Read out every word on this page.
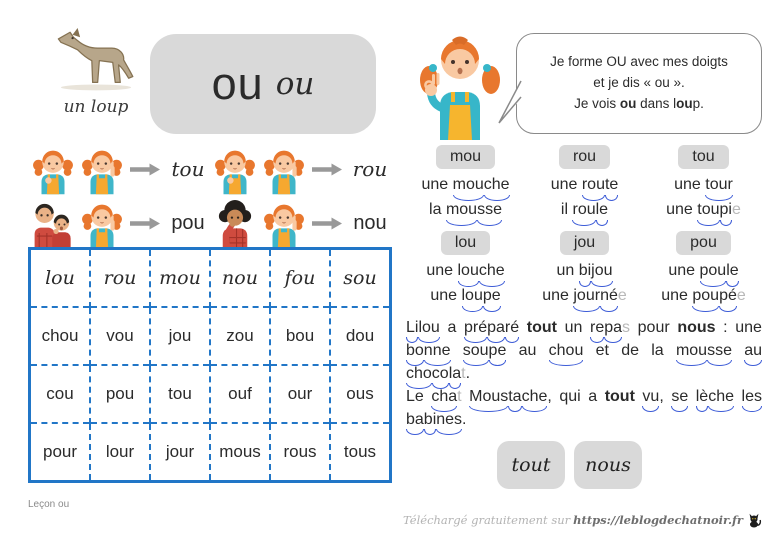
un loup	ou ou
tou	rou
pou	nou
lou	rou	mou	nou	fou	sou
chou	vou	jou	zou	bou	dou
cou	pou	tou	ouf	our	ous
pour	lour	jour	mous	rous	tous
Leçon ou
Je forme OU avec mes doigts
et je dis « ou ».
Je vois ou dans loup.
mou
une mouche
la mousse
rou
une route
il roule
tou
une tour
une toupie
lou
une louche
une loupe
jou
un bijou
une journée
pou
une poule
une poupée
Lilou a préparé tout un repas pour nous : une bonne soupe au chou et de la mousse au chocolat.
Le chat Moustache, qui a tout vu, se lèche les babines.
tout	nous
Téléchargé gratuitement sur https://leblogdechatnoir.fr
